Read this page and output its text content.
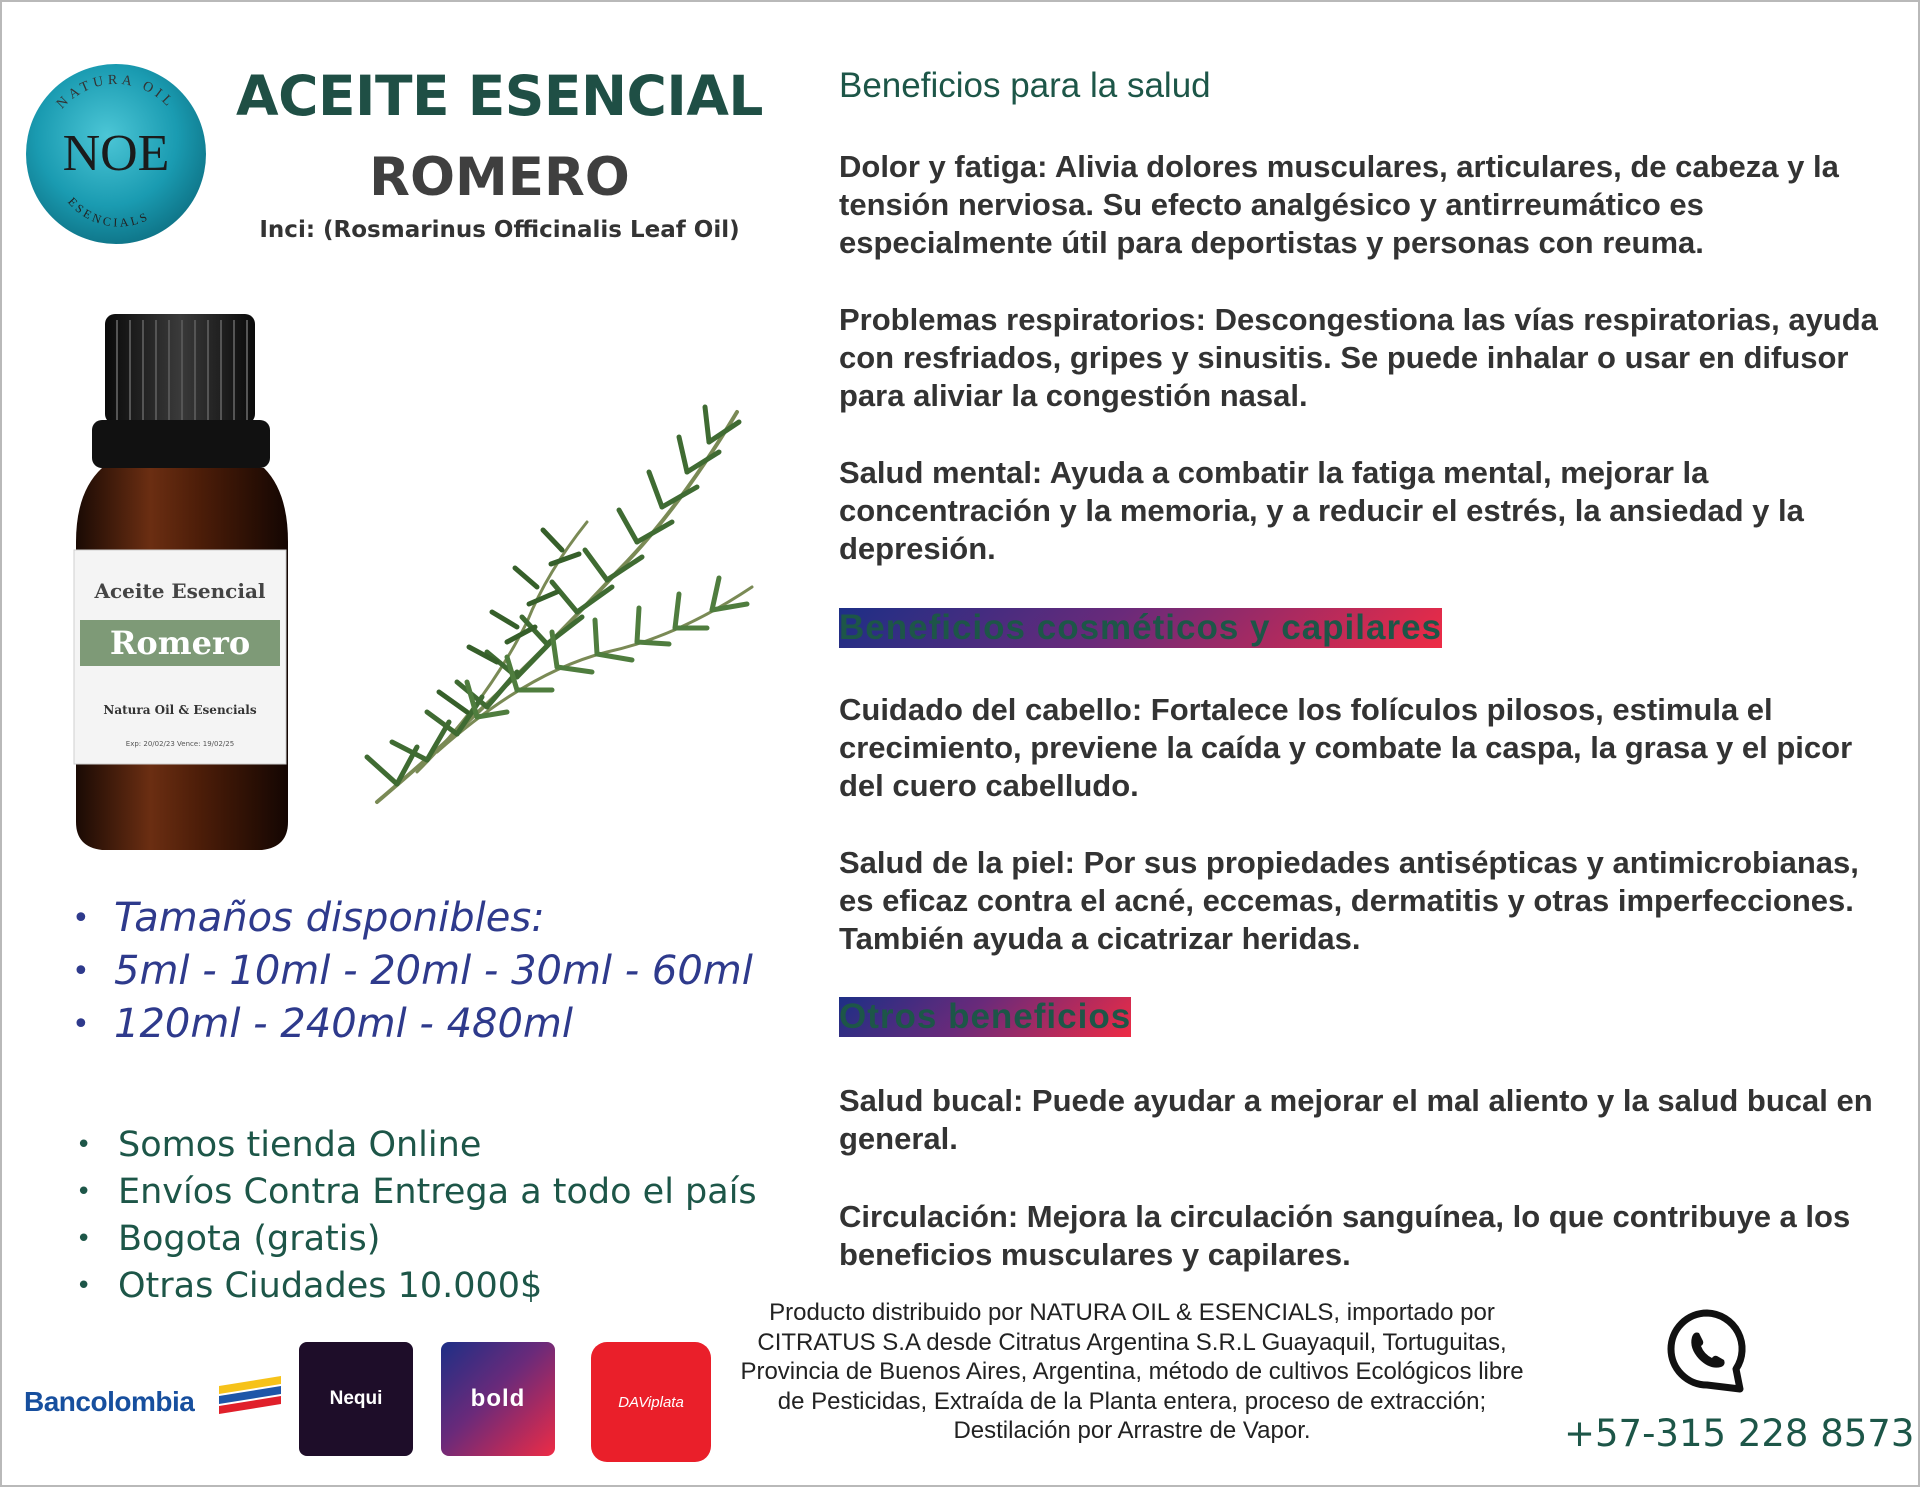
NATURA OIL
NOE
ESENCIALS
ACEITE ESENCIAL
ROMERO
Inci: (Rosmarinus Officinalis Leaf Oil)
Aceite Esencial
Romero
Natura Oil & Esencials
Exp: 20/02/23 Vence: 19/02/25
• Tamaños disponibles:
• 5ml - 10ml - 20ml - 30ml - 60ml
• 120ml - 240ml - 480ml
• Somos tienda Online
• Envíos Contra Entrega a todo el país
• Bogota (gratis)
• Otras Ciudades 10.000$
Bancolombia	Nequi	bold	DAViplata
Beneficios para la salud

Dolor y fatiga: Alivia dolores musculares, articulares, de cabeza y la tensión nerviosa. Su efecto analgésico y antirreumático es especialmente útil para deportistas y personas con reuma.

Problemas respiratorios: Descongestiona las vías respiratorias, ayuda con resfriados, gripes y sinusitis. Se puede inhalar o usar en difusor para aliviar la congestión nasal.

Salud mental: Ayuda a combatir la fatiga mental, mejorar la concentración y la memoria, y a reducir el estrés, la ansiedad y la depresión.

Beneficios cosméticos y capilares

Cuidado del cabello: Fortalece los folículos pilosos, estimula el crecimiento, previene la caída y combate la caspa, la grasa y el picor del cuero cabelludo.

Salud de la piel: Por sus propiedades antisépticas y antimicrobianas, es eficaz contra el acné, eccemas, dermatitis y otras imperfecciones. También ayuda a cicatrizar heridas.

Otros beneficios

Salud bucal: Puede ayudar a mejorar el mal aliento y la salud bucal en general.

Circulación: Mejora la circulación sanguínea, lo que contribuye a los beneficios musculares y capilares.

Producto distribuido por NATURA OIL & ESENCIALS, importado por CITRATUS S.A desde Citratus Argentina S.R.L Guayaquil, Tortuguitas, Provincia de Buenos Aires, Argentina, método de cultivos Ecológicos libre de Pesticidas, Extraída de la Planta entera, proceso de extracción; Destilación por Arrastre de Vapor.	+57-315 228 8573
